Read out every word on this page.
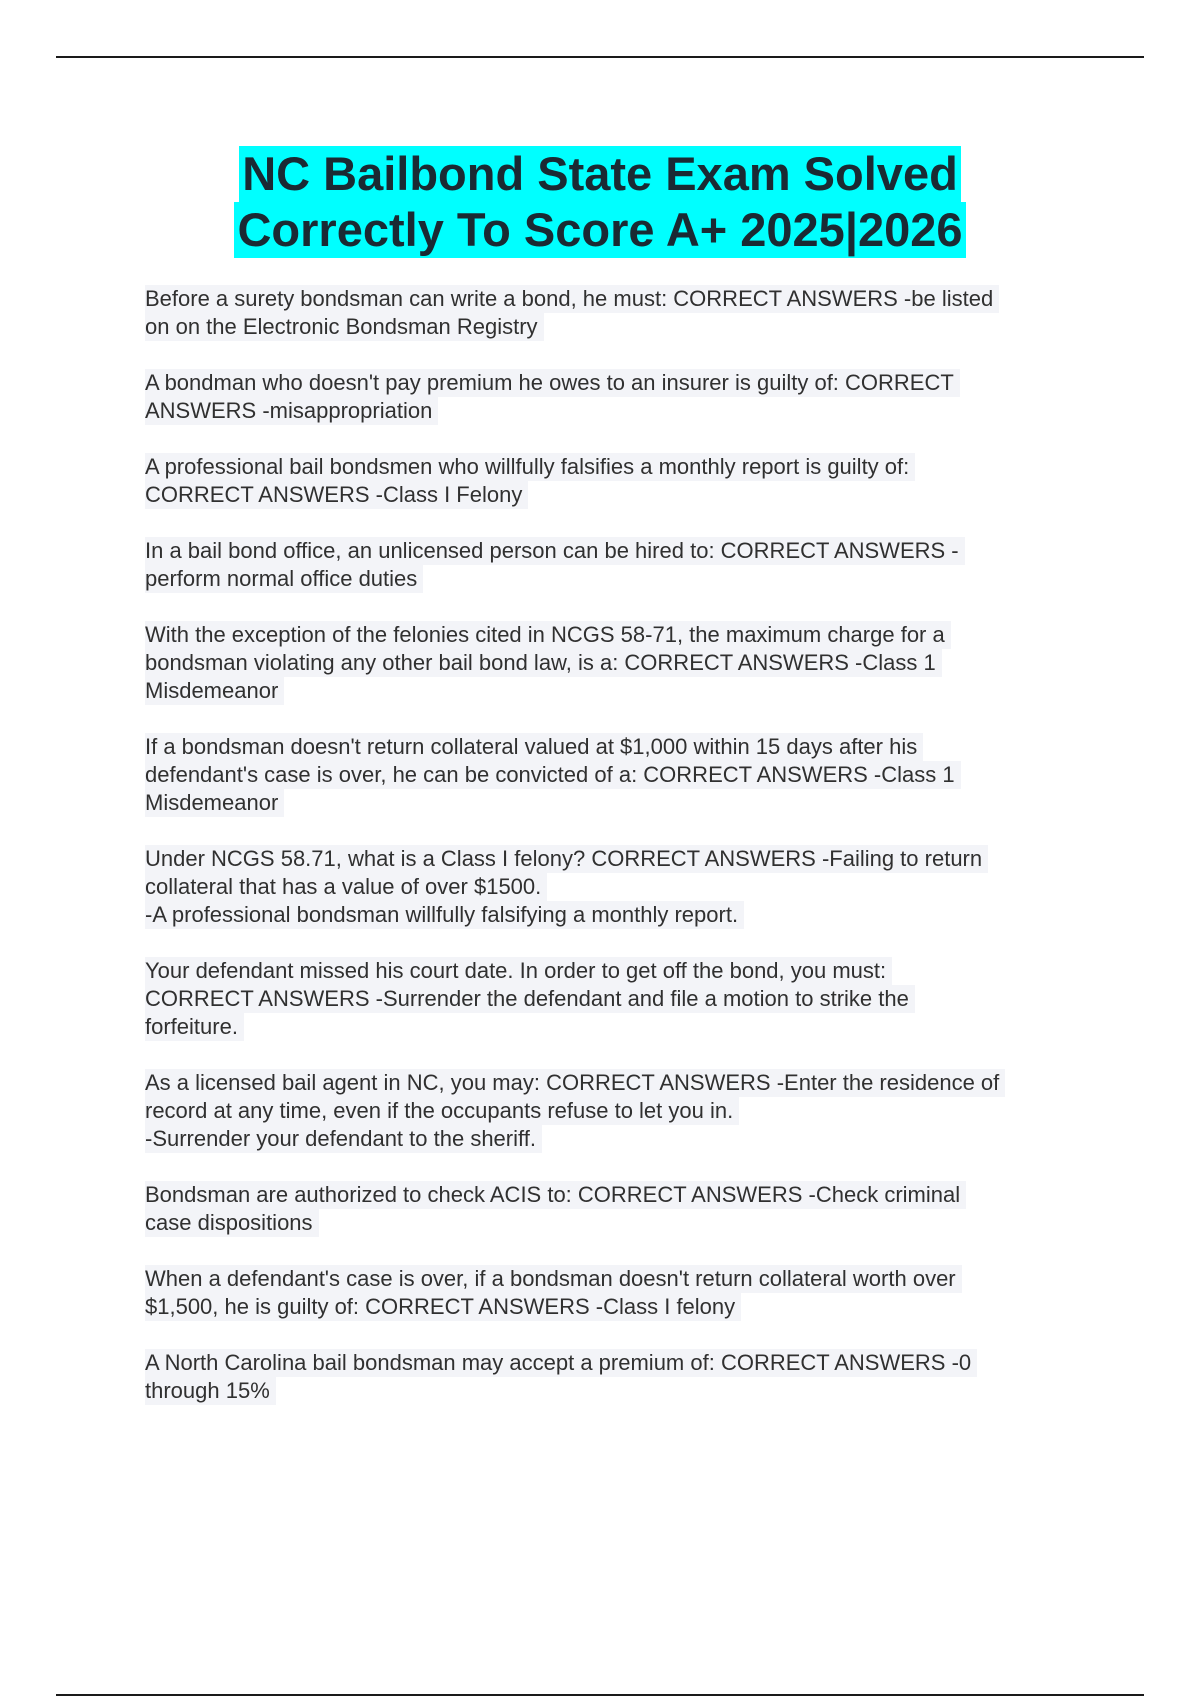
NC Bailbond State Exam Solved
Correctly To Score A+ 2025|2026
Before a surety bondsman can write a bond, he must: CORRECT ANSWERS -be listed
on on the Electronic Bondsman Registry

A bondman who doesn't pay premium he owes to an insurer is guilty of: CORRECT
ANSWERS -misappropriation

A professional bail bondsmen who willfully falsifies a monthly report is guilty of:
CORRECT ANSWERS -Class I Felony

In a bail bond office, an unlicensed person can be hired to: CORRECT ANSWERS -
perform normal office duties

With the exception of the felonies cited in NCGS 58-71, the maximum charge for a
bondsman violating any other bail bond law, is a: CORRECT ANSWERS -Class 1
Misdemeanor

If a bondsman doesn't return collateral valued at $1,000 within 15 days after his
defendant's case is over, he can be convicted of a: CORRECT ANSWERS -Class 1
Misdemeanor

Under NCGS 58.71, what is a Class I felony? CORRECT ANSWERS -Failing to return
collateral that has a value of over $1500.
-A professional bondsman willfully falsifying a monthly report.

Your defendant missed his court date. In order to get off the bond, you must:
CORRECT ANSWERS -Surrender the defendant and file a motion to strike the
forfeiture.

As a licensed bail agent in NC, you may: CORRECT ANSWERS -Enter the residence of
record at any time, even if the occupants refuse to let you in.
-Surrender your defendant to the sheriff.

Bondsman are authorized to check ACIS to: CORRECT ANSWERS -Check criminal
case dispositions

When a defendant's case is over, if a bondsman doesn't return collateral worth over
$1,500, he is guilty of: CORRECT ANSWERS -Class I felony

A North Carolina bail bondsman may accept a premium of: CORRECT ANSWERS -0
through 15%
